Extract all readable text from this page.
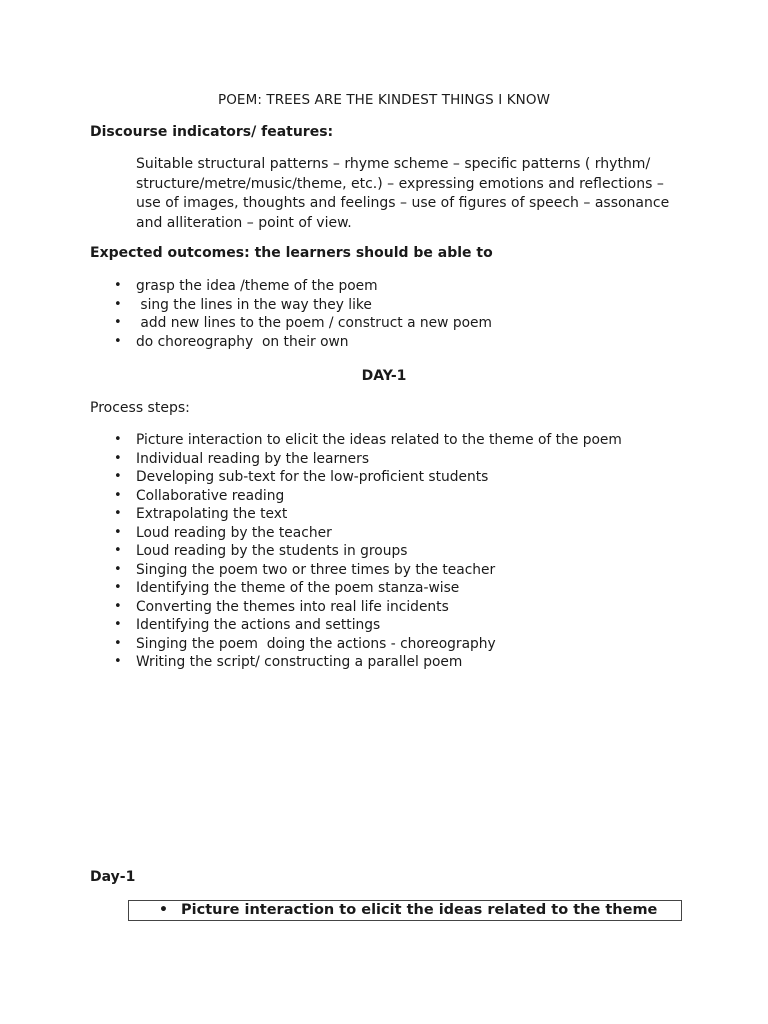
POEM: TREES ARE THE KINDEST THINGS I KNOW
Discourse indicators/ features:
Suitable structural patterns – rhyme scheme – specific patterns ( rhythm/
structure/metre/music/theme, etc.) – expressing emotions and reflections –
use of images, thoughts and feelings – use of figures of speech – assonance
and alliteration – point of view.
Expected outcomes: the learners should be able to
• grasp the idea /theme of the poem
•  sing the lines in the way they like
•  add new lines to the poem / construct a new poem
• do choreography  on their own
DAY-1
Process steps:
• Picture interaction to elicit the ideas related to the theme of the poem
• Individual reading by the learners
• Developing sub-text for the low-proficient students
• Collaborative reading
• Extrapolating the text
• Loud reading by the teacher
• Loud reading by the students in groups
• Singing the poem two or three times by the teacher
• Identifying the theme of the poem stanza-wise
• Converting the themes into real life incidents
• Identifying the actions and settings
• Singing the poem  doing the actions - choreography
• Writing the script/ constructing a parallel poem
Day-1
• Picture interaction to elicit the ideas related to the theme
